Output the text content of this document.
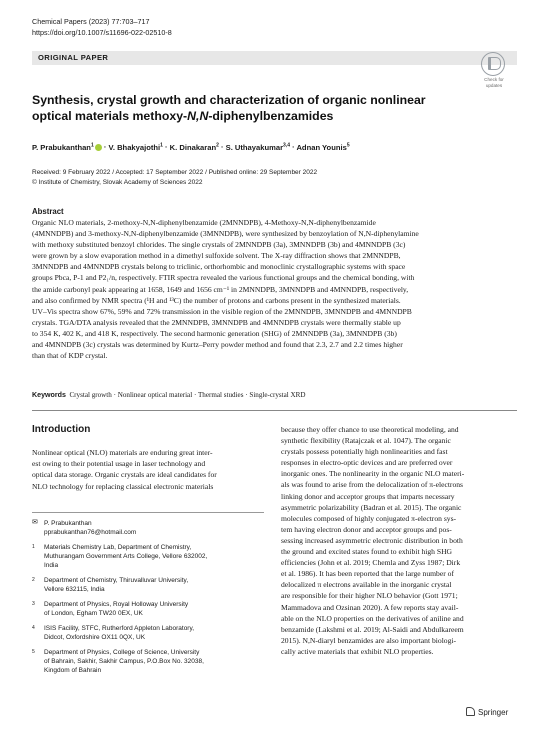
Chemical Papers (2023) 77:703–717
https://doi.org/10.1007/s11696-022-02510-8
ORIGINAL PAPER
Check for updates
Synthesis, crystal growth and characterization of organic nonlinear
optical materials methoxy-N,N-diphenylbenzamides
P. Prabukanthan$^1$ · V. Bhakyajothi$^1$ · K. Dinakaran$^2$ · S. Uthayakumar$^{3,4}$ · Adnan Younis$^5$
Received: 9 February 2022 / Accepted: 17 September 2022 / Published online: 29 September 2022
© Institute of Chemistry, Slovak Academy of Sciences 2022
Abstract
Organic NLO materials, 2-methoxy-N,N-diphenylbenzamide (2MNNDPB), 4-Methoxy-N,N-diphenylbenzamide
(4MNNDPB) and 3-methoxy-N,N-diphenylbenzamide (3MNNDPB), were synthesized by benzoylation of N,N-diphenylamine
with methoxy substituted benzoyl chlorides. The single crystals of 2MNNDPB (3a), 3MNNDPB (3b) and 4MNNDPB (3c)
were grown by a slow evaporation method in a dimethyl sulfoxide solvent. The X-ray diffraction shows that 2MNNDPB,
3MNNDPB and 4MNNDPB crystals belong to triclinic, orthorhombic and monoclinic crystallographic systems with space
groups Pbca, P-1 and P2₁/n, respectively. FTIR spectra revealed the various functional groups and the chemical bonding, with
the amide carbonyl peak appearing at 1658, 1649 and 1656 cm⁻¹ in 2MNNDPB, 3MNNDPB and 4MNNDPB, respectively,
and also confirmed by NMR spectra (¹H and ¹³C) the number of protons and carbons present in the synthesized materials.
UV–Vis spectra show 67%, 59% and 72% transmission in the visible region of the 2MNNDPB, 3MNNDPB and 4MNNDPB
crystals. TGA/DTA analysis revealed that the 2MNNDPB, 3MNNDPB and 4MNNDPB crystals were thermally stable up
to 354 K, 402 K, and 418 K, respectively. The second harmonic generation (SHG) of 2MNNDPB (3a), 3MNNDPB (3b)
and 4MNNDPB (3c) crystals was determined by Kurtz–Perry powder method and found that 2.3, 2.7 and 2.2 times higher
than that of KDP crystal.
Keywords Crystal growth · Nonlinear optical material · Thermal studies · Single-crystal XRD
Introduction
Nonlinear optical (NLO) materials are enduring great inter-
est owing to their potential usage in laser technology and
optical data storage. Organic crystals are ideal candidates for
NLO technology for replacing classical electronic materials
✉ P. Prabukanthan
pprabukanthan76@hotmail.com
1	Materials Chemistry Lab, Department of Chemistry,
Muthurangam Government Arts College, Vellore 632002,
India
2	Department of Chemistry, Thiruvalluvar University,
Vellore 632115, India
3	Department of Physics, Royal Holloway University
of London, Egham TW20 0EX, UK
4	ISIS Facility, STFC, Rutherford Appleton Laboratory,
Didcot, Oxfordshire OX11 0QX, UK
5	Department of Physics, College of Science, University
of Bahrain, Sakhir, Sakhir Campus, P.O.Box No. 32038,
Kingdom of Bahrain
because they offer chance to use theoretical modeling, and
synthetic flexibility (Ratajczak et al. 1047). The organic
crystals possess potentially high nonlinearities and fast
responses in electro-optic devices and are preferred over
inorganic ones. The nonlinearity in the organic NLO materi-
als was found to arise from the delocalization of π-electrons
linking donor and acceptor groups that imparts necessary
asymmetric polarizability (Badran et al. 2015). The organic
molecules composed of highly conjugated π-electron sys-
tem having electron donor and acceptor groups and pos-
sessing increased asymmetric electronic distribution in both
the ground and excited states found to exhibit high SHG
efficiencies (John et al. 2019; Chemla and Zyss 1987; Dirk
et al. 1986). It has been reported that the large number of
delocalized π electrons available in the inorganic crystal
are responsible for their higher NLO behavior (Gott 1971;
Mammadova and Ozsinan 2020). A few reports stay avail-
able on the NLO properties on the derivatives of aniline and
benzamide (Lakshmi et al. 2019; Al-Saidi and Abdulkareem
2015). N,N-diaryl benzamides are also important biologi-
cally active materials that exhibit NLO properties.
Springer
